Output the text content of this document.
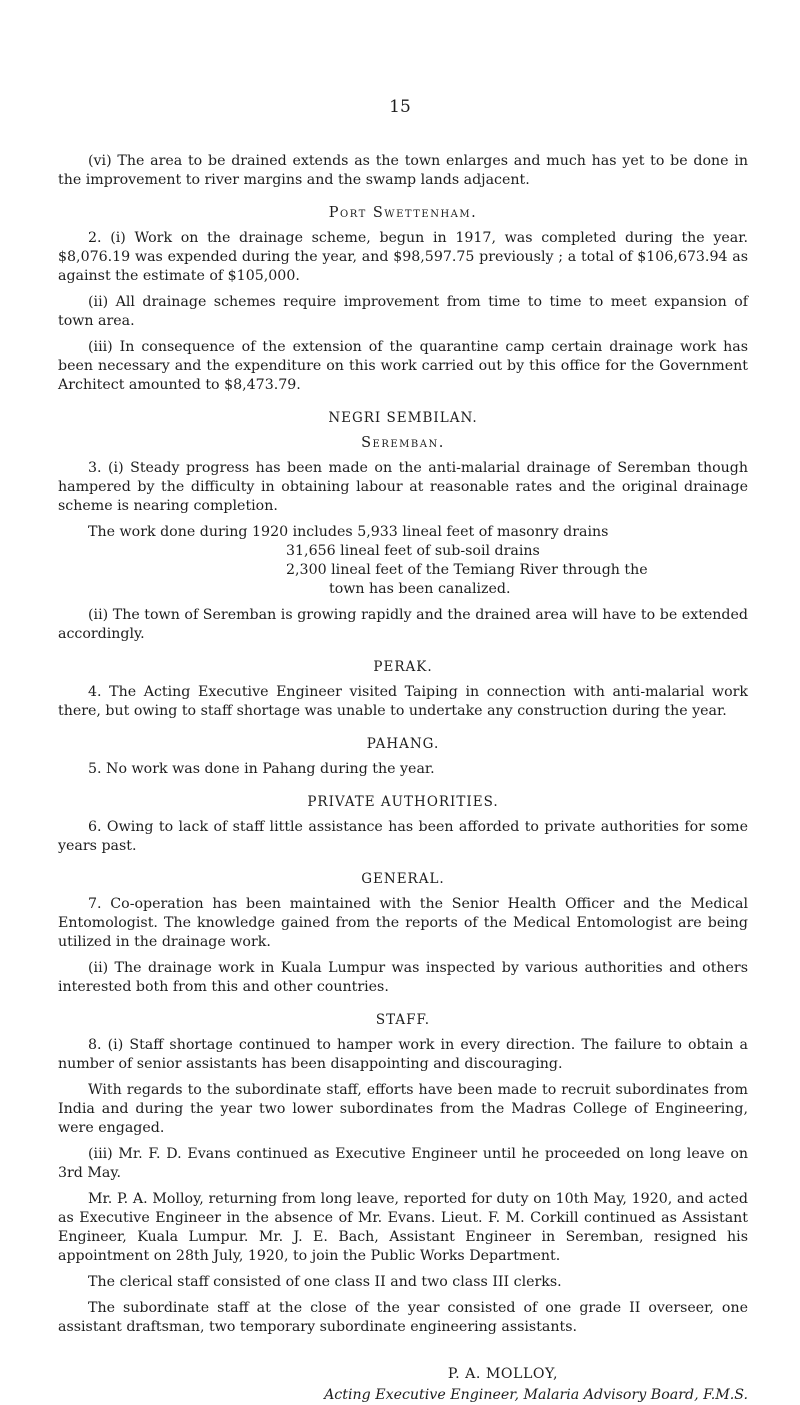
15

(vi) The area to be drained extends as the town enlarges and much has yet to be done in the improvement to river margins and the swamp lands adjacent.

Port Swettenham.

2. (i) Work on the drainage scheme, begun in 1917, was completed during the year. $8,076.19 was expended during the year, and $98,597.75 previously ; a total of $106,673.94 as against the estimate of $105,000.

(ii) All drainage schemes require improvement from time to time to meet expansion of town area.

(iii) In consequence of the extension of the quarantine camp certain drainage work has been necessary and the expenditure on this work carried out by this office for the Government Architect amounted to $8,473.79.

NEGRI SEMBILAN.
Seremban.

3. (i) Steady progress has been made on the anti-malarial drainage of Seremban though hampered by the difficulty in obtaining labour at reasonable rates and the original drainage scheme is nearing completion.

The work done during 1920 includes 5,933 lineal feet of masonry drains

31,656 lineal feet of sub-soil drains
2,300 lineal feet of the Temiang River through the
town has been canalized.

(ii) The town of Seremban is growing rapidly and the drained area will have to be extended accordingly.

PERAK.

4. The Acting Executive Engineer visited Taiping in connection with anti-malarial work there, but owing to staff shortage was unable to undertake any construction during the year.

PAHANG.

5. No work was done in Pahang during the year.

PRIVATE AUTHORITIES.

6. Owing to lack of staff little assistance has been afforded to private authorities for some years past.

GENERAL.

7. Co-operation has been maintained with the Senior Health Officer and the Medical Entomologist. The knowledge gained from the reports of the Medical Entomologist are being utilized in the drainage work.

(ii) The drainage work in Kuala Lumpur was inspected by various authorities and others interested both from this and other countries.

STAFF.

8. (i) Staff shortage continued to hamper work in every direction. The failure to obtain a number of senior assistants has been disappointing and discouraging.

With regards to the subordinate staff, efforts have been made to recruit subordinates from India and during the year two lower subordinates from the Madras College of Engineering, were engaged.

(iii) Mr. F. D. Evans continued as Executive Engineer until he proceeded on long leave on 3rd May.

Mr. P. A. Molloy, returning from long leave, reported for duty on 10th May, 1920, and acted as Executive Engineer in the absence of Mr. Evans. Lieut. F. M. Corkill continued as Assistant Engineer, Kuala Lumpur. Mr. J. E. Bach, Assistant Engineer in Seremban, resigned his appointment on 28th July, 1920, to join the Public Works Department.

The clerical staff consisted of one class II and two class III clerks.

The subordinate staff at the close of the year consisted of one grade II overseer, one assistant draftsman, two temporary subordinate engineering assistants.

P. A. MOLLOY,
Acting Executive Engineer, Malaria Advisory Board, F.M.S.
